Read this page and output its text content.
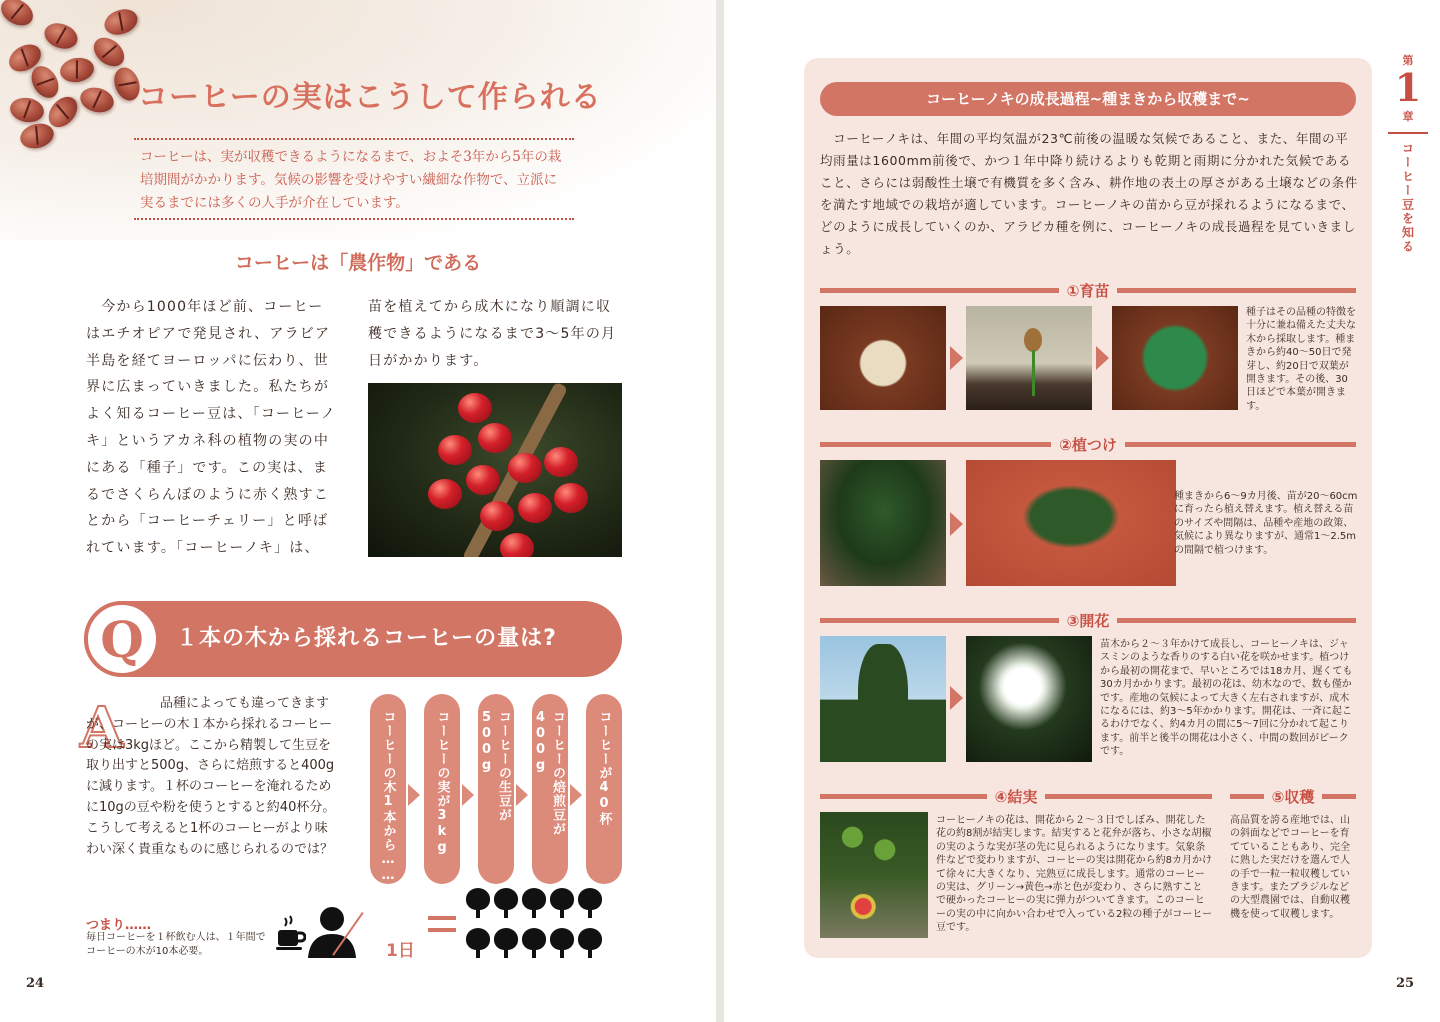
コーヒーの実はこうして作られる

コーヒーは、実が収穫できるようになるまで、およそ3年から5年の栽培期間がかかります。気候の影響を受けやすい繊細な作物で、立派に実るまでには多くの人手が介在しています。

コーヒーは「農作物」である

　今から1000年ほど前、コーヒーはエチオピアで発見され、アラビア半島を経てヨーロッパに伝わり、世界に広まっていきました。私たちがよく知るコーヒー豆は、「コーヒーノキ」というアカネ科の植物の実の中にある「種子」です。この実は、まるでさくらんぼのように赤く熟すことから「コーヒーチェリー」と呼ばれています。「コーヒーノキ」は、

苗を植えてから成木になり順調に収穫できるようになるまで3～5年の月日がかかります。

Q	１本の木から採れるコーヒーの量は?
A	品種によっても違ってきますが、コーヒーの木１本から採れるコーヒーの実は3kgほど。ここから精製して生豆を取り出すと500g、さらに焙煎すると400gに減ります。１杯のコーヒーを淹れるために10gの豆や粉を使うとすると約40杯分。こうして考えると1杯のコーヒーがより味わい深く貴重なものに感じられるのでは？	コーヒーの木1本から……	コーヒーの実が3kg	コーヒーの生豆が500g	コーヒーの焙煎豆が400g	コーヒーが40杯
つまり……

毎日コーヒーを１杯飲む人は、１年間でコーヒーの木が10本必要。	1日
24
第
1
章
コーヒー豆を知る
コーヒーノキの成長過程~種まきから収穫まで~

　コーヒーノキは、年間の平均気温が23℃前後の温暖な気候であること、また、年間の平均雨量は1600mm前後で、かつ１年中降り続けるよりも乾期と雨期に分かれた気候であること、さらには弱酸性土壌で有機質を多く含み、耕作地の表土の厚さがある土壌などの条件を満たす地域での栽培が適しています。コーヒーノキの苗から豆が採れるようになるまで、どのように成長していくのか、アラビカ種を例に、コーヒーノキの成長過程を見ていきましょう。

①育苗

種子はその品種の特徴を十分に兼ね備えた丈夫な木から採取します。種まきから約40～50日で発芽し、約20日で双葉が開きます。その後、30日ほどで本葉が開きます。

②植つけ

種まきから6～9カ月後、苗が20～60cmに育ったら植え替えます。植え替える苗のサイズや間隔は、品種や産地の政策、気候により異なりますが、通常1～2.5mの間隔で植つけます。

③開花

苗木から２～３年かけて成長し、コーヒーノキは、ジャスミンのような香りのする白い花を咲かせます。植つけから最初の開花まで、早いところでは18カ月、遅くても30カ月かかります。最初の花は、幼木なので、数も僅かです。産地の気候によって大きく左右されますが、成木になるには、約3～5年かかります。開花は、一斉に起こるわけでなく、約4カ月の間に5～7回に分かれて起こります。前半と後半の開花は小さく、中間の数回がピークです。

④結実

コーヒーノキの花は、開花から２～３日でしぼみ、開花した花の約8割が結実します。結実すると花弁が落ち、小さな胡椒の実のような実が茎の先に見られるようになります。気象条件などで変わりますが、コーヒーの実は開花から約8カ月かけて徐々に大きくなり、完熟豆に成長します。通常のコーヒーの実は、グリーン→黄色→赤と色が変わり、さらに熟すことで硬かったコーヒーの実に弾力がついてきます。このコーヒーの実の中に向かい合わせで入っている2粒の種子がコーヒー豆です。

⑤収穫

高品質を誇る産地では、山の斜面などでコーヒーを育てていることもあり、完全に熟した実だけを選んで人の手で一粒一粒収穫していきます。またブラジルなどの大型農園では、自動収穫機を使って収穫します。

25
